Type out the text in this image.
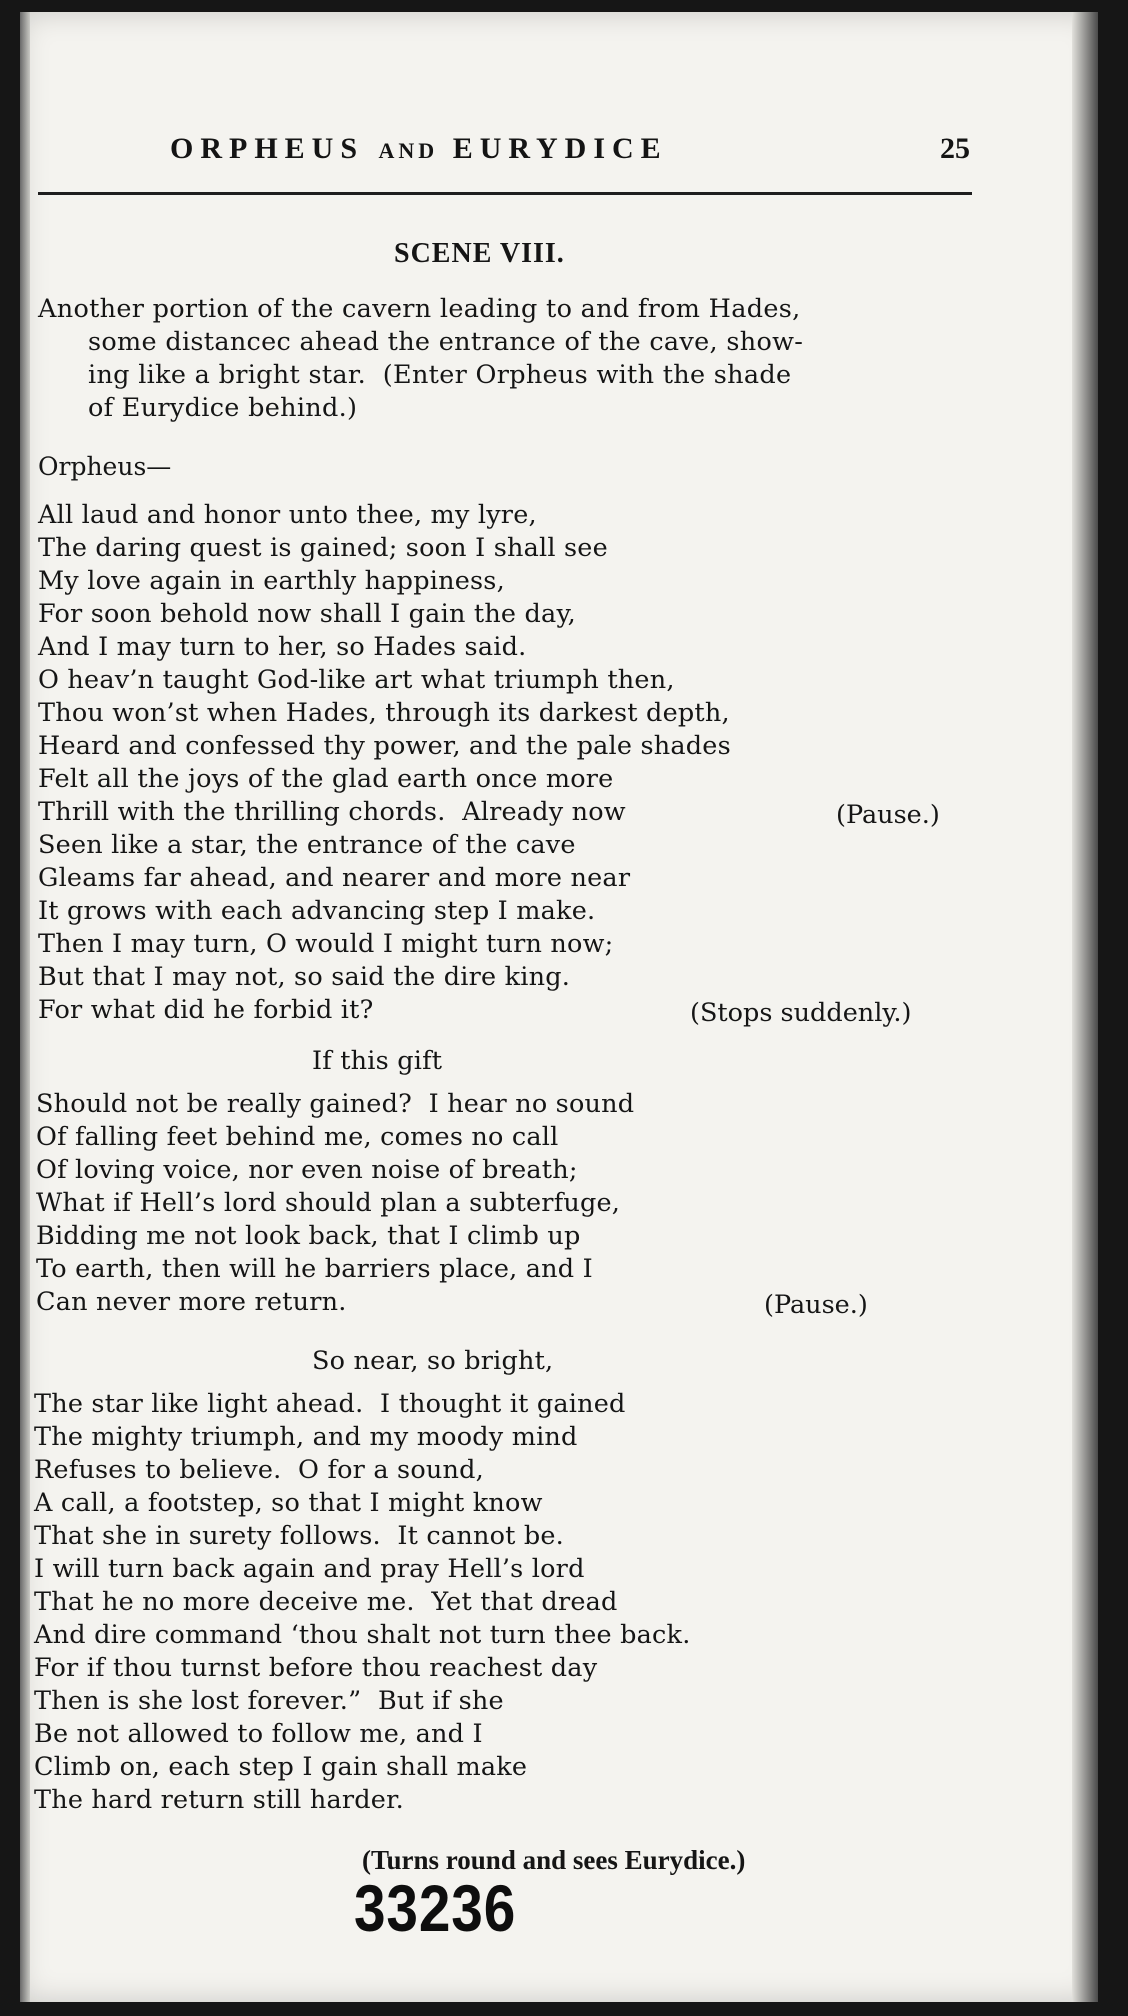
ORPHEUS AND EURYDICE	25
SCENE VIII.
Another portion of the cavern leading to and from Hades,
some distancec ahead the entrance of the cave, show-
ing like a bright star.  (Enter Orpheus with the shade
of Eurydice behind.)
Orpheus—
All laud and honor unto thee, my lyre,
The daring quest is gained; soon I shall see
My love again in earthly happiness,
For soon behold now shall I gain the day,
And I may turn to her, so Hades said.
O heav’n taught God-like art what triumph then,
Thou won’st when Hades, through its darkest depth,
Heard and confessed thy power, and the pale shades
Felt all the joys of the glad earth once more
Thrill with the thrilling chords.  Already now	(Pause.)
Seen like a star, the entrance of the cave
Gleams far ahead, and nearer and more near
It grows with each advancing step I make.
Then I may turn, O would I might turn now;
But that I may not, so said the dire king.
For what did he forbid it?	(Stops suddenly.)
If this gift
Should not be really gained?  I hear no sound
Of falling feet behind me, comes no call
Of loving voice, nor even noise of breath;
What if Hell’s lord should plan a subterfuge,
Bidding me not look back, that I climb up
To earth, then will he barriers place, and I
Can never more return.	(Pause.)
So near, so bright,
The star like light ahead.  I thought it gained
The mighty triumph, and my moody mind
Refuses to believe.  O for a sound,
A call, a footstep, so that I might know
That she in surety follows.  It cannot be.
I will turn back again and pray Hell’s lord
That he no more deceive me.  Yet that dread
And dire command ‘thou shalt not turn thee back.
For if thou turnst before thou reachest day
Then is she lost forever.”  But if she
Be not allowed to follow me, and I
Climb on, each step I gain shall make
The hard return still harder.
(Turns round and sees Eurydice.)
33236
